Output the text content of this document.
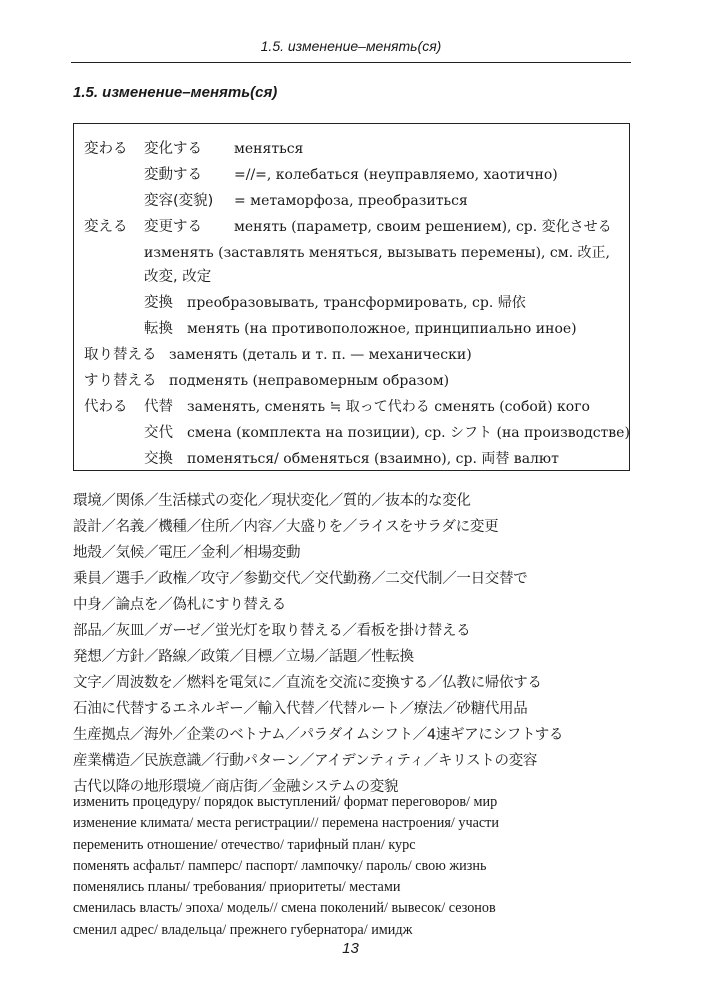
1.5. изменение–менять(ся)
1.5. изменение–менять(ся)
変わる 変化する меняться
変動する =//=, колебаться (неуправляемо, хаотично)
変容(変貌) = метаморфоза, преобразиться
変える 変更する менять (параметр, своим решением), ср. 変化させる
изменять (заставлять меняться, вызывать перемены), см. 改正,
改変, 改定
変換 преобразовывать, трансформировать, ср. 帰依
転換 менять (на противоположное, принципиально иное)
取り替える заменять (деталь и т. п. — механически)
すり替える подменять (неправомерным образом)
代わる 代替 заменять, сменять ≒ 取って代わる сменять (собой) кого
交代 смена (комплекта на позиции), ср. シフト (на производстве)
交換 поменяться/ обменяться (взаимно), ср. 両替 валют
環境／関係／生活様式の変化／現状変化／質的／抜本的な変化
設計／名義／機種／住所／内容／大盛りを／ライスをサラダに変更
地殻／気候／電圧／金利／相場変動
乗員／選手／政権／攻守／参勤交代／交代勤務／二交代制／一日交替で
中身／論点を／偽札にすり替える
部品／灰皿／ガーゼ／蛍光灯を取り替える／看板を掛け替える
発想／方針／路線／政策／目標／立場／話題／性転換
文字／周波数を／燃料を電気に／直流を交流に変換する／仏教に帰依する
石油に代替するエネルギー／輸入代替／代替ルート／療法／砂糖代用品
生産拠点／海外／企業のベトナム／パラダイムシフト／4速ギアにシフトする
産業構造／民族意識／行動パターン／アイデンティティ／キリストの変容
古代以降の地形環境／商店街／金融システムの変貌
изменить процедуру/ порядок выступлений/ формат переговоров/ мир
изменение климата/ места регистрации// перемена настроения/ участи
переменить отношение/ отечество/ тарифный план/ курс
поменять асфальт/ памперс/ паспорт/ лампочку/ пароль/ свою жизнь
поменялись планы/ требования/ приоритеты/ местами
сменилась власть/ эпоха/ модель// смена поколений/ вывесок/ сезонов
сменил адрес/ владельца/ прежнего губернатора/ имидж
13
